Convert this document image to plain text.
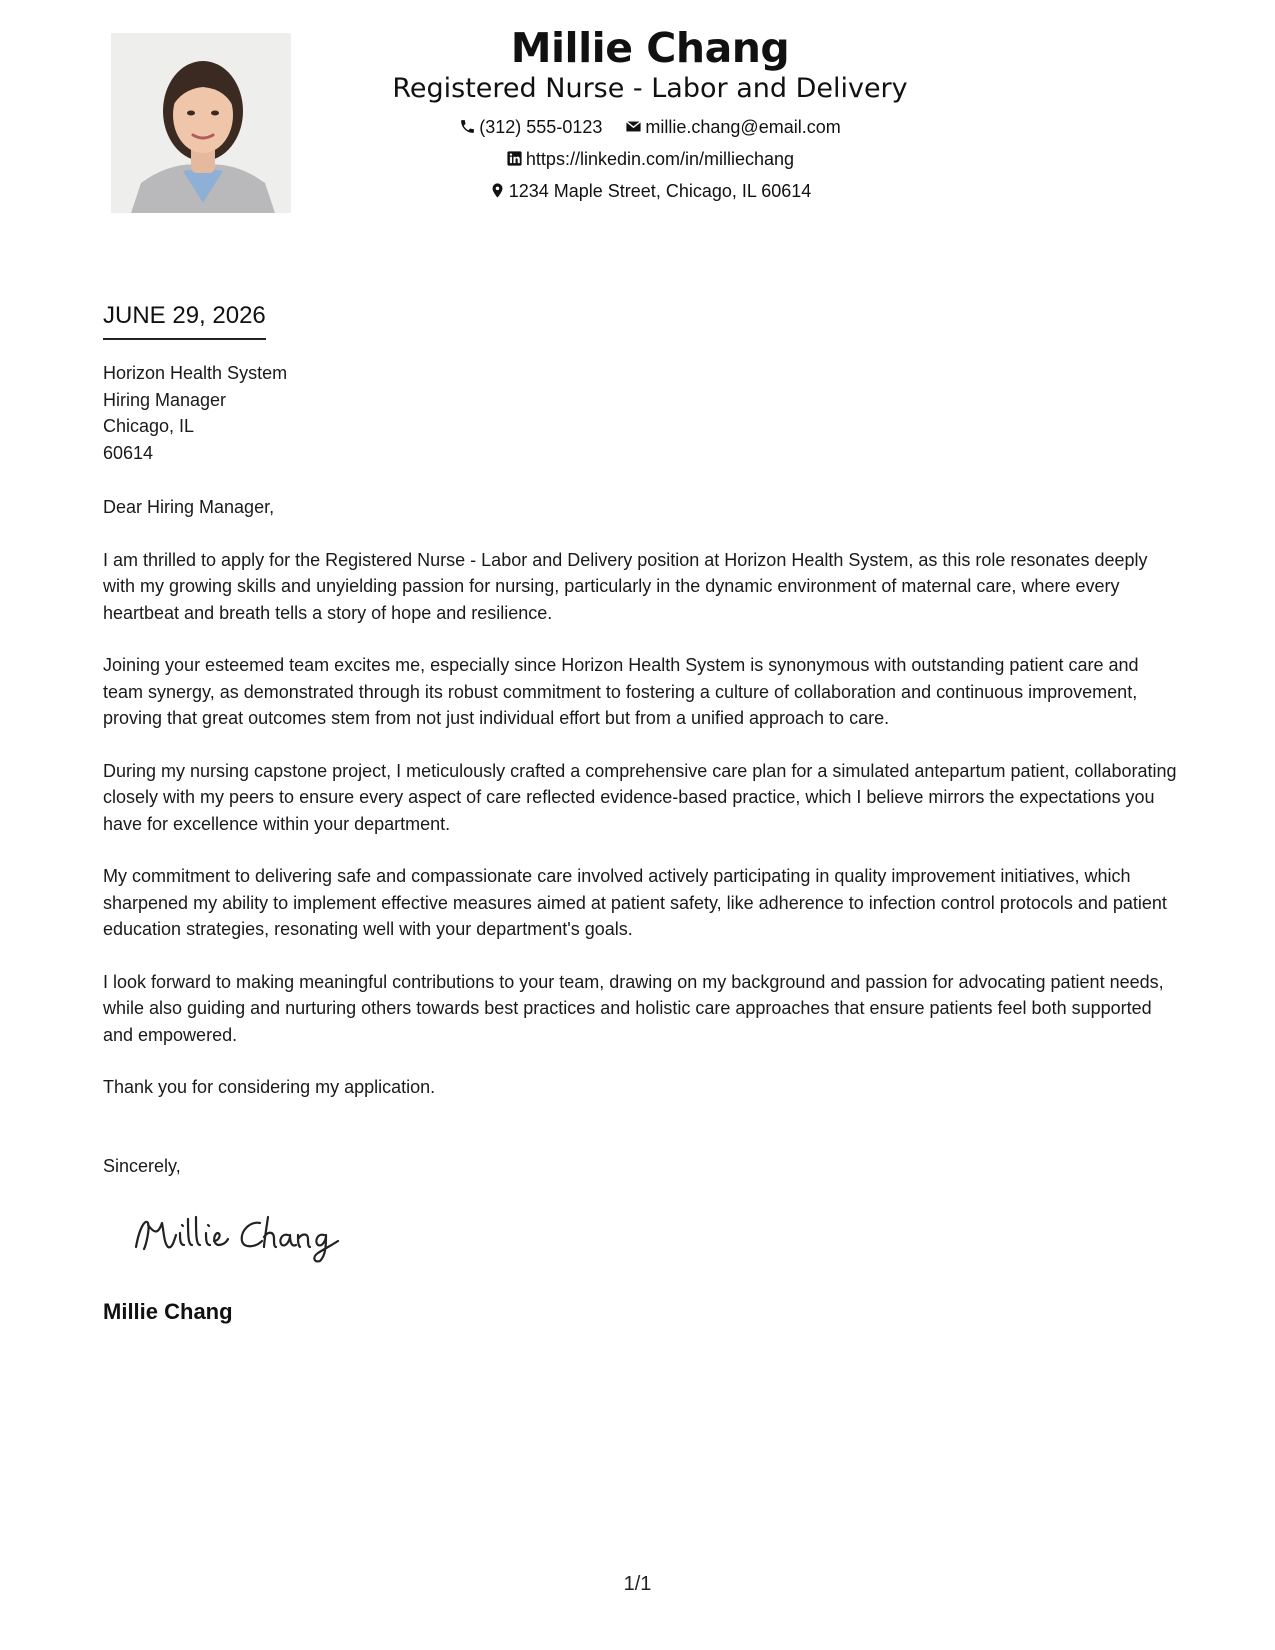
Millie Chang
Registered Nurse - Labor and Delivery
(312) 555-0123 millie.chang@email.com
https://linkedin.com/in/milliechang
1234 Maple Street, Chicago, IL 60614
JUNE 29, 2026
Horizon Health System
Hiring Manager
Chicago, IL
60614

Dear Hiring Manager,

I am thrilled to apply for the Registered Nurse - Labor and Delivery position at Horizon Health System, as this role resonates deeply with my growing skills and unyielding passion for nursing, particularly in the dynamic environment of maternal care, where every heartbeat and breath tells a story of hope and resilience.

Joining your esteemed team excites me, especially since Horizon Health System is synonymous with outstanding patient care and team synergy, as demonstrated through its robust commitment to fostering a culture of collaboration and continuous improvement, proving that great outcomes stem from not just individual effort but from a unified approach to care.

During my nursing capstone project, I meticulously crafted a comprehensive care plan for a simulated antepartum patient, collaborating closely with my peers to ensure every aspect of care reflected evidence-based practice, which I believe mirrors the expectations you have for excellence within your department.

My commitment to delivering safe and compassionate care involved actively participating in quality improvement initiatives, which sharpened my ability to implement effective measures aimed at patient safety, like adherence to infection control protocols and patient education strategies, resonating well with your department's goals.

I look forward to making meaningful contributions to your team, drawing on my background and passion for advocating patient needs, while also guiding and nurturing others towards best practices and holistic care approaches that ensure patients feel both supported and empowered.

Thank you for considering my application.

Sincerely,
Millie Chang
1/1
